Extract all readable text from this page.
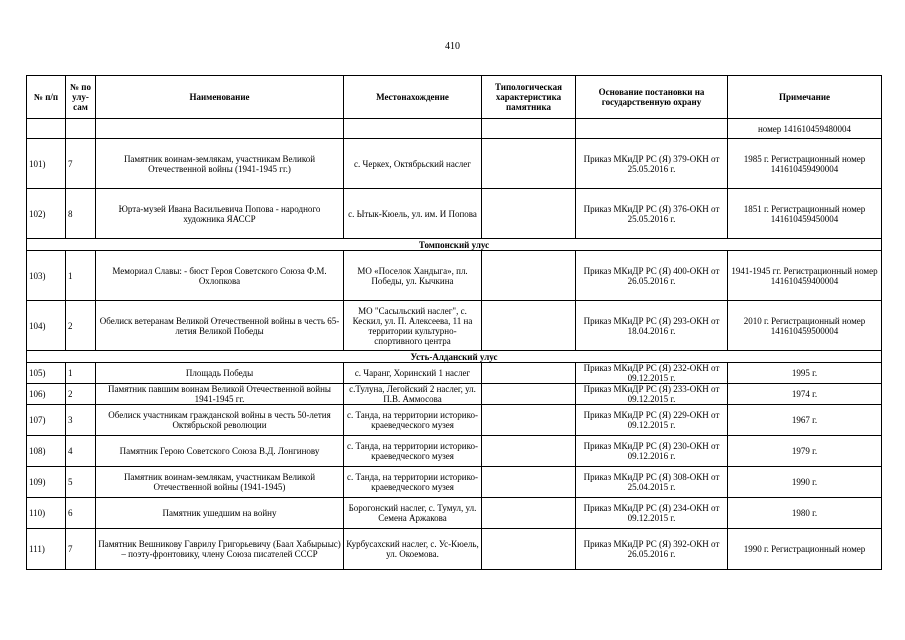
410
№ п/п	№ по улу-сам	Наименование	Местонахождение	Типологическая характеристика памятника	Основание постановки на государственную охрану	Примечание
						номер 141610459480004
101)	7	Памятник воинам-землякам, участникам Великой Отечественной войны (1941-1945 гг.)	с. Черкех, Октябрьский наслег		Приказ МКиДР РС (Я) 379-ОКН от 25.05.2016 г.	1985 г. Регистрационный номер 141610459490004
102)	8	Юрта-музей Ивана Васильевича Попова - народного художника ЯАССР	с. Ытык-Кюель, ул. им. И Попова		Приказ МКиДР РС (Я) 376-ОКН от 25.05.2016 г.	1851 г. Регистрационный номер 141610459450004
Томпонский улус						
103)	1	Мемориал Славы: - бюст Героя Советского Союза Ф.М. Охлопкова	МО «Поселок Хандыга», пл. Победы, ул. Кычкина		Приказ МКиДР РС (Я) 400-ОКН от 26.05.2016 г.	1941-1945 гг. Регистрационный номер 141610459400004
104)	2	Обелиск ветеранам Великой Отечественной войны в честь 65-летия Великой Победы	МО "Сасыльский наслег", с. Кескил, ул. П. Алексеева, 11 на территории культурно-спортивного центра		Приказ МКиДР РС (Я) 293-ОКН от 18.04.2016 г.	2010 г. Регистрационный номер 141610459500004
Усть-Алданский улус						
105)	1	Площадь Победы	с. Чаранг, Хоринский 1 наслег		Приказ МКиДР РС (Я) 232-ОКН от 09.12.2015 г.	1995 г.
106)	2	Памятник павшим воинам Великой Отечественной войны 1941-1945 гг.	с.Тулуна, Легойский 2 наслег, ул. П.В. Аммосова		Приказ МКиДР РС (Я) 233-ОКН от 09.12.2015 г.	1974 г.
107)	3	Обелиск участникам гражданской войны в честь 50-летия Октябрьской революции	с. Танда, на территории историко-краеведческого музея		Приказ МКиДР РС (Я) 229-ОКН от 09.12.2015 г.	1967 г.
108)	4	Памятник Герою Советского Союза В.Д. Лонгинову	с. Танда, на территории историко-краеведческого музея		Приказ МКиДР РС (Я) 230-ОКН от 09.12.2016 г.	1979 г.
109)	5	Памятник воинам-землякам, участникам Великой Отечественной войны (1941-1945)	с. Танда, на территории историко-краеведческого музея		Приказ МКиДР РС (Я) 308-ОКН от 25.04.2015 г.	1990 г.
110)	6	Памятник ушедшим на войну	Борогонский наслег, с. Тумул, ул. Семена Аржакова		Приказ МКиДР РС (Я) 234-ОКН от 09.12.2015 г.	1980 г.
111)	7	Памятник Вешникову Гаврилу Григорьевичу (Баал Хабырыыс) – поэту-фронтовику, члену Союза писателей СССР	Курбусахский наслег, с. Ус-Кюель, ул. Окоемова.		Приказ МКиДР РС (Я) 392-ОКН от 26.05.2016 г.	1990 г. Регистрационный номер
